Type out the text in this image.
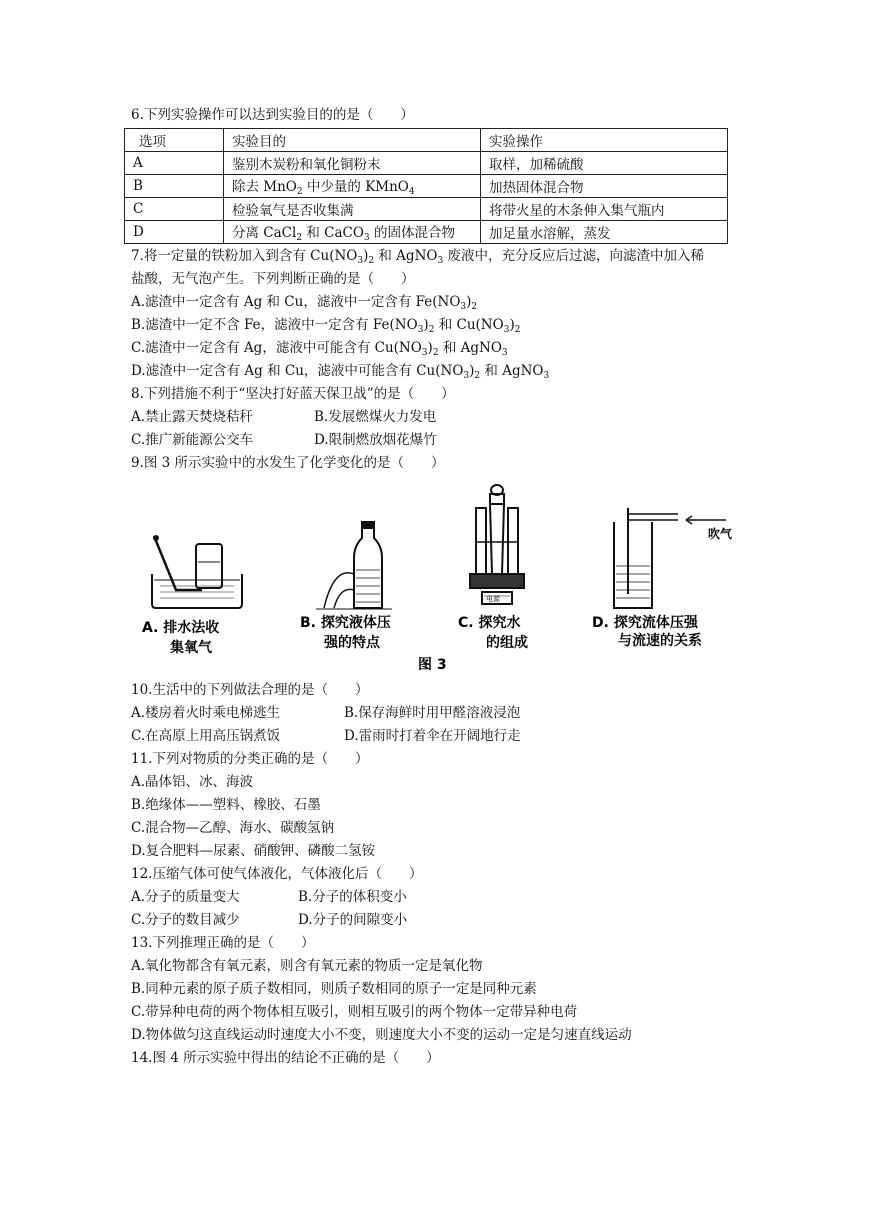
6.下列实验操作可以达到实验目的的是（　　）
选项	实验目的	实验操作
A	鉴别木炭粉和氧化铜粉末	取样，加稀硫酸
B	除去 MnO$_2$ 中少量的 KMnO$_4$	加热固体混合物
C	检验氧气是否收集满	将带火星的木条伸入集气瓶内
D	分离 CaCl$_2$ 和 CaCO$_3$ 的固体混合物	加足量水溶解，蒸发
7.将一定量的铁粉加入到含有 $Cu(NO_3)_2$ 和 AgNO$_3$ 废液中，充分反应后过滤，向滤渣中加入稀
盐酸，无气泡产生。下列判断正确的是（　　）
A.滤渣中一定含有 Ag 和 Cu，滤液中一定含有 $Fe(NO_3)_2$
B.滤渣中一定不含 Fe，滤液中一定含有 $Fe(NO_3)_2$ 和 $Cu(NO_3)_2$
C.滤渣中一定含有 Ag，滤液中可能含有 $Cu(NO_3)_2$ 和 AgNO$_3$
D.滤渣中一定含有 Ag 和 Cu，滤液中可能含有 $Cu(NO_3)_2$ 和 AgNO$_3$
8.下列措施不利于“坚决打好蓝天保卫战”的是（　　）
A.禁止露天焚烧秸秆	B.发展燃煤火力发电
C.推广新能源公交车	D.限制燃放烟花爆竹
9.图 3 所示实验中的水发生了化学变化的是（　　）
吹气
电源
A. 排水法收
集氧气
B. 探究液体压
强的特点
C. 探究水
的组成
D. 探究流体压强
与流速的关系
图 3
10.生活中的下列做法合理的是（　　）
A.楼房着火时乘电梯逃生	B.保存海鲜时用甲醛溶液浸泡
C.在高原上用高压锅煮饭	D.雷雨时打着伞在开阔地行走
11.下列对物质的分类正确的是（　　）
A.晶体铝、冰、海波
B.绝缘体——塑料、橡胶、石墨
C.混合物—乙醇、海水、碳酸氢钠
D.复合肥料—尿素、硝酸钾、磷酸二氢铵
12.压缩气体可使气体液化，气体液化后（　　）
A.分子的质量变大	B.分子的体积变小
C.分子的数目减少	D.分子的间隙变小
13.下列推理正确的是（　　）
A.氧化物都含有氧元素，则含有氧元素的物质一定是氧化物
B.同种元素的原子质子数相同，则质子数相同的原子一定是同种元素
C.带异种电荷的两个物体相互吸引，则相互吸引的两个物体一定带异种电荷
D.物体做匀这直线运动时速度大小不变，则速度大小不变的运动一定是匀速直线运动
14.图 4 所示实验中得出的结论不正确的是（　　）
